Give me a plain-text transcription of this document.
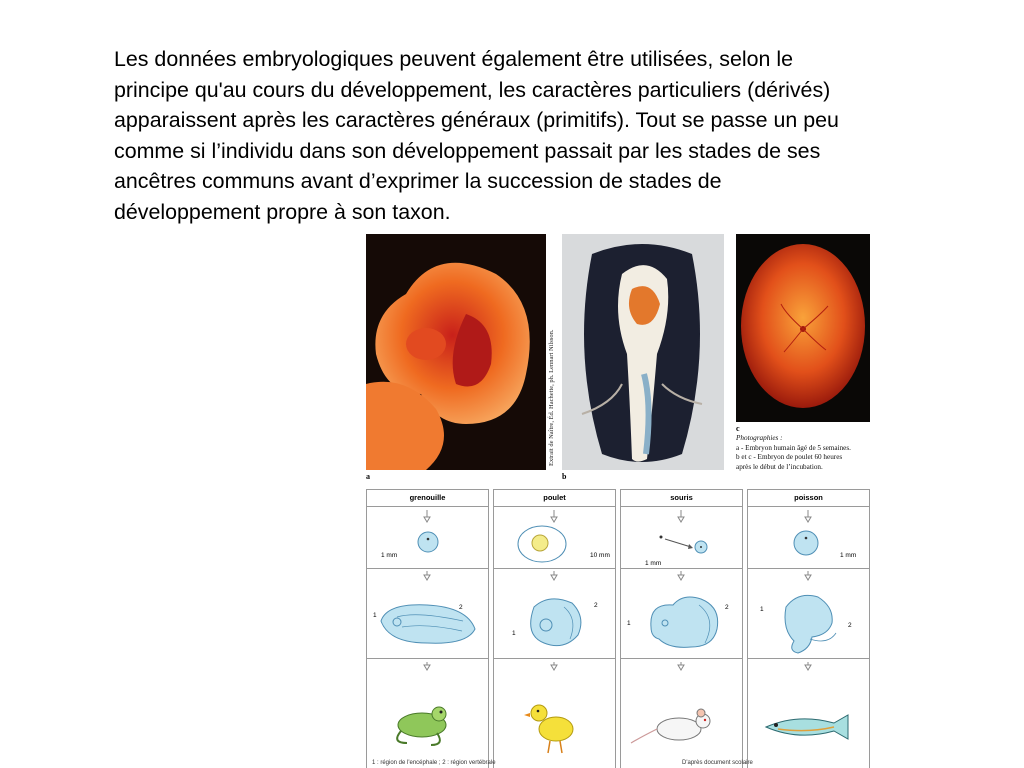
Les données embryologiques peuvent également être utilisées, selon le
principe qu'au cours du développement, les caractères particuliers (dérivés)
apparaissent après les caractères généraux (primitifs). Tout se passe un peu
comme si l’individu dans son développement passait par les stades de ses
ancêtres communs avant d’exprimer la succession de stades de
développement propre à son taxon.

a
Extrait de Naître, Éd. Hachette, ph. Lennart Nilsson.
b
c
Photographies :
a - Embryon humain âgé de 5 semaines.
b et c - Embryon de poulet 60 heures
après le début de l’incubation.
grenouille
1 mm
1
2
poulet
10 mm
1
2
souris
1 mm
1
2
poisson
1 mm
1
2
1 : région de l'encéphale ; 2 : région vertébrale	D'après document scolaire
